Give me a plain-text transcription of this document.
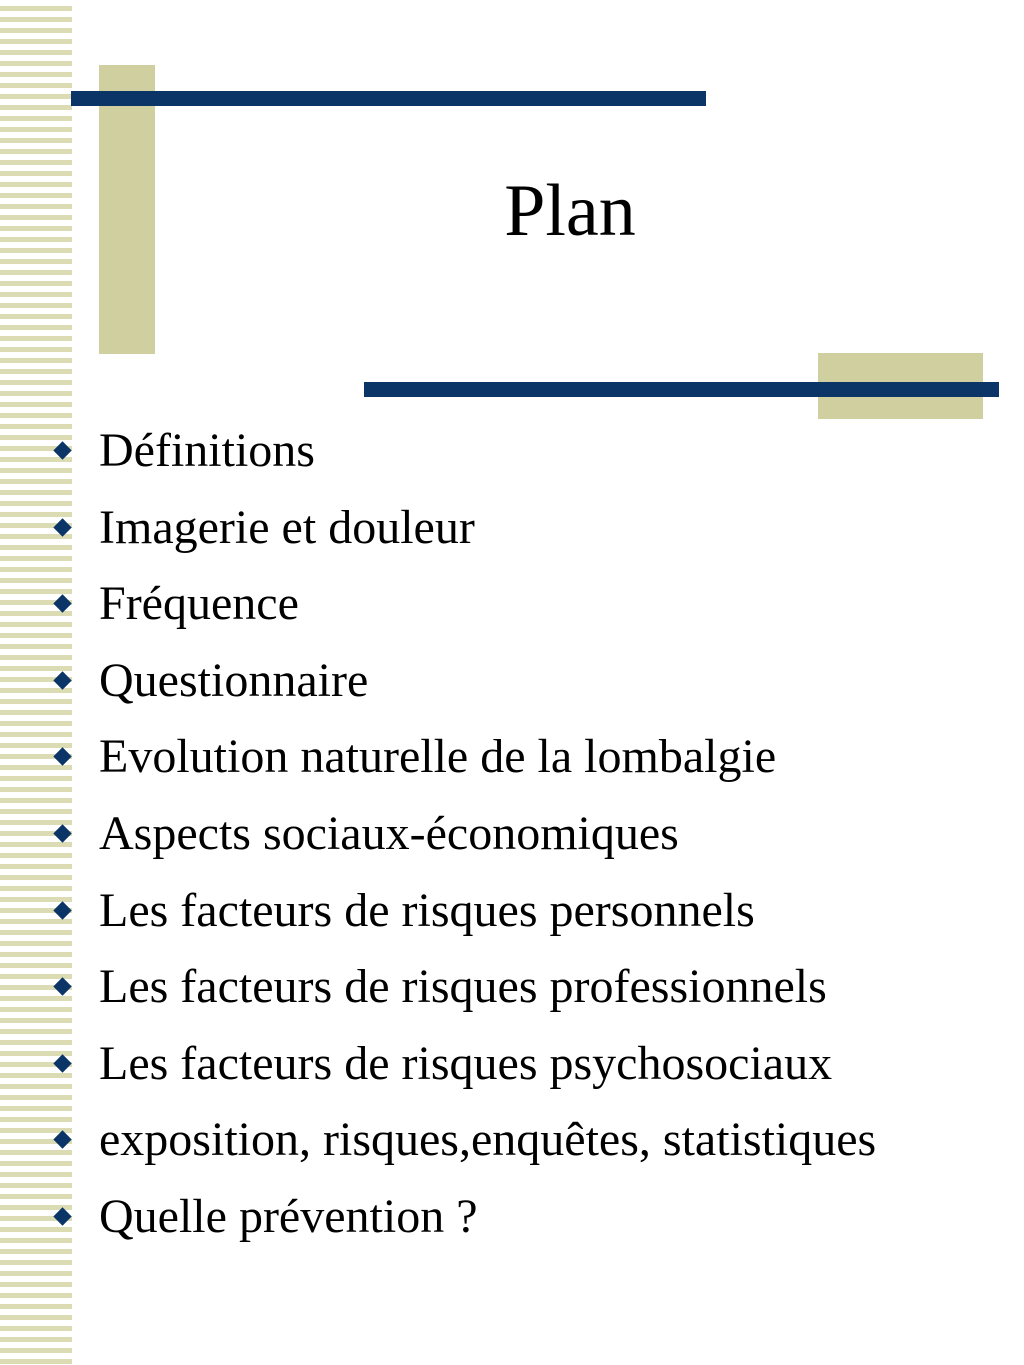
Plan
Définitions
Imagerie et douleur
Fréquence
Questionnaire
Evolution naturelle de la lombalgie
Aspects sociaux-économiques
Les facteurs de risques personnels
Les facteurs de risques professionnels
Les facteurs de risques psychosociaux
exposition, risques,enquêtes, statistiques
Quelle prévention ?
